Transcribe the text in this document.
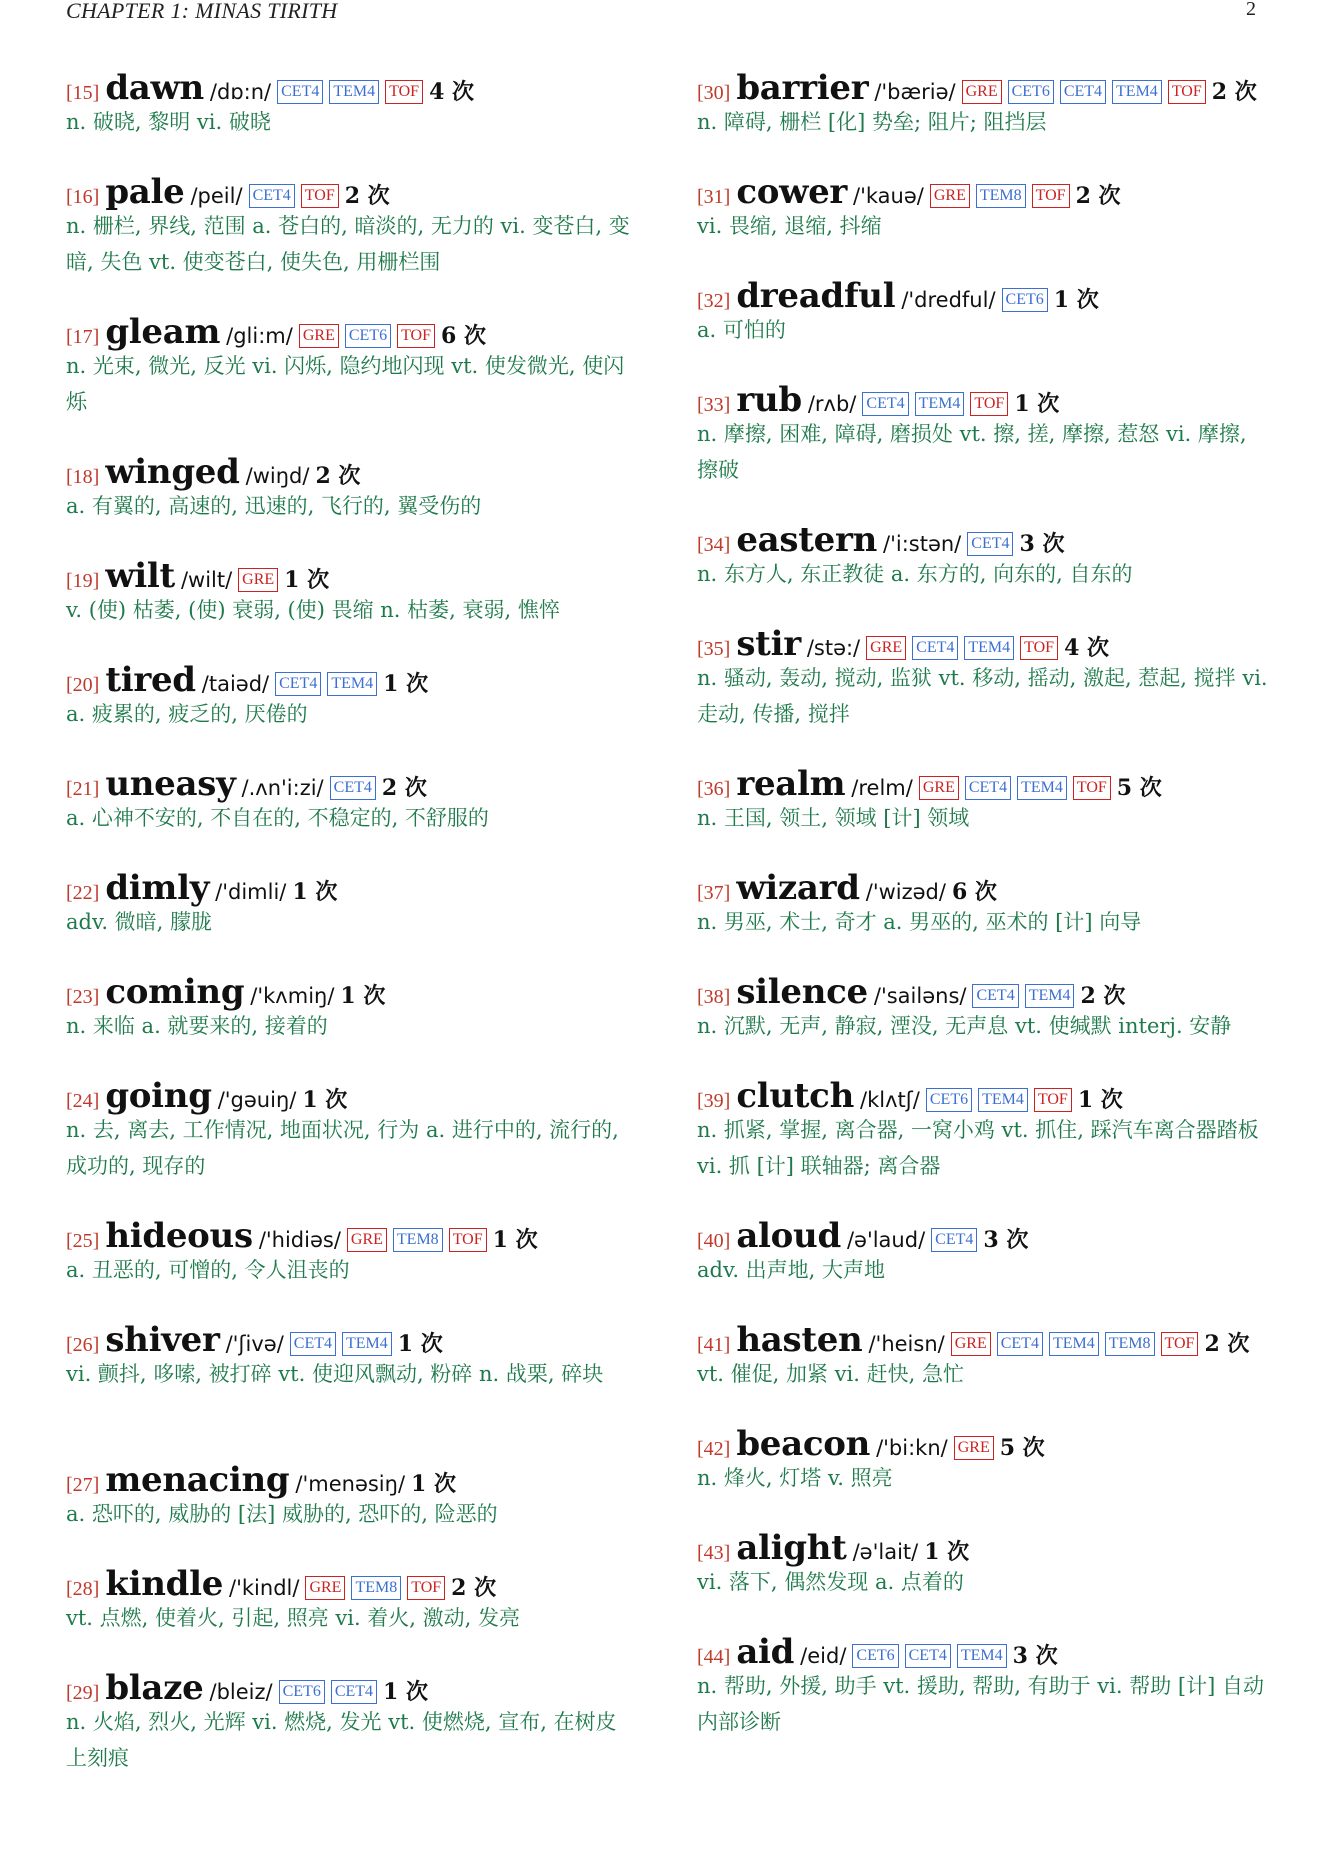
CHAPTER 1: MINAS TIRITH	2
[15] dawn /dɒ:n/ CET4 TEM4 TOF 4 次
n. 破晓, 黎明 vi. 破晓
[16] pale /peil/ CET4 TOF 2 次
n. 栅栏, 界线, 范围 a. 苍白的, 暗淡的, 无力的 vi. 变苍白, 变暗, 失色 vt. 使变苍白, 使失色, 用栅栏围
[17] gleam /gli:m/ GRE CET6 TOF 6 次
n. 光束, 微光, 反光 vi. 闪烁, 隐约地闪现 vt. 使发微光, 使闪烁
[18] winged /wiŋd/ 2 次
a. 有翼的, 高速的, 迅速的, 飞行的, 翼受伤的
[19] wilt /wilt/ GRE 1 次
v. (使) 枯萎, (使) 衰弱, (使) 畏缩 n. 枯萎, 衰弱, 憔悴
[20] tired /taiəd/ CET4 TEM4 1 次
a. 疲累的, 疲乏的, 厌倦的
[21] uneasy /.ʌn'i:zi/ CET4 2 次
a. 心神不安的, 不自在的, 不稳定的, 不舒服的
[22] dimly /'dimli/ 1 次
adv. 微暗, 朦胧
[23] coming /'kʌmiŋ/ 1 次
n. 来临 a. 就要来的, 接着的
[24] going /'gəuiŋ/ 1 次
n. 去, 离去, 工作情况, 地面状况, 行为 a. 进行中的, 流行的, 成功的, 现存的
[25] hideous /'hidiəs/ GRE TEM8 TOF 1 次
a. 丑恶的, 可憎的, 令人沮丧的
[26] shiver /'ʃivə/ CET4 TEM4 1 次
vi. 颤抖, 哆嗦, 被打碎 vt. 使迎风飘动, 粉碎 n. 战栗, 碎块
[27] menacing /'menəsiŋ/ 1 次
a. 恐吓的, 威胁的 [法] 威胁的, 恐吓的, 险恶的
[28] kindle /'kindl/ GRE TEM8 TOF 2 次
vt. 点燃, 使着火, 引起, 照亮 vi. 着火, 激动, 发亮
[29] blaze /bleiz/ CET6 CET4 1 次
n. 火焰, 烈火, 光辉 vi. 燃烧, 发光 vt. 使燃烧, 宣布, 在树皮上刻痕
[30] barrier /'bæriə/ GRE CET6 CET4 TEM4 TOF 2 次
n. 障碍, 栅栏 [化] 势垒; 阻片; 阻挡层
[31] cower /'kauə/ GRE TEM8 TOF 2 次
vi. 畏缩, 退缩, 抖缩
[32] dreadful /'dredful/ CET6 1 次
a. 可怕的
[33] rub /rʌb/ CET4 TEM4 TOF 1 次
n. 摩擦, 困难, 障碍, 磨损处 vt. 擦, 搓, 摩擦, 惹怒 vi. 摩擦, 擦破
[34] eastern /'i:stən/ CET4 3 次
n. 东方人, 东正教徒 a. 东方的, 向东的, 自东的
[35] stir /stə:/ GRE CET4 TEM4 TOF 4 次
n. 骚动, 轰动, 搅动, 监狱 vt. 移动, 摇动, 激起, 惹起, 搅拌 vi. 走动, 传播, 搅拌
[36] realm /relm/ GRE CET4 TEM4 TOF 5 次
n. 王国, 领土, 领域 [计] 领域
[37] wizard /'wizəd/ 6 次
n. 男巫, 术士, 奇才 a. 男巫的, 巫术的 [计] 向导
[38] silence /'sailəns/ CET4 TEM4 2 次
n. 沉默, 无声, 静寂, 湮没, 无声息 vt. 使缄默 interj. 安静
[39] clutch /klʌtʃ/ CET6 TEM4 TOF 1 次
n. 抓紧, 掌握, 离合器, 一窝小鸡 vt. 抓住, 踩汽车离合器踏板 vi. 抓 [计] 联轴器; 离合器
[40] aloud /ə'laud/ CET4 3 次
adv. 出声地, 大声地
[41] hasten /'heisn/ GRE CET4 TEM4 TEM8 TOF 2 次
vt. 催促, 加紧 vi. 赶快, 急忙
[42] beacon /'bi:kn/ GRE 5 次
n. 烽火, 灯塔 v. 照亮
[43] alight /ə'lait/ 1 次
vi. 落下, 偶然发现 a. 点着的
[44] aid /eid/ CET6 CET4 TEM4 3 次
n. 帮助, 外援, 助手 vt. 援助, 帮助, 有助于 vi. 帮助 [计] 自动内部诊断
